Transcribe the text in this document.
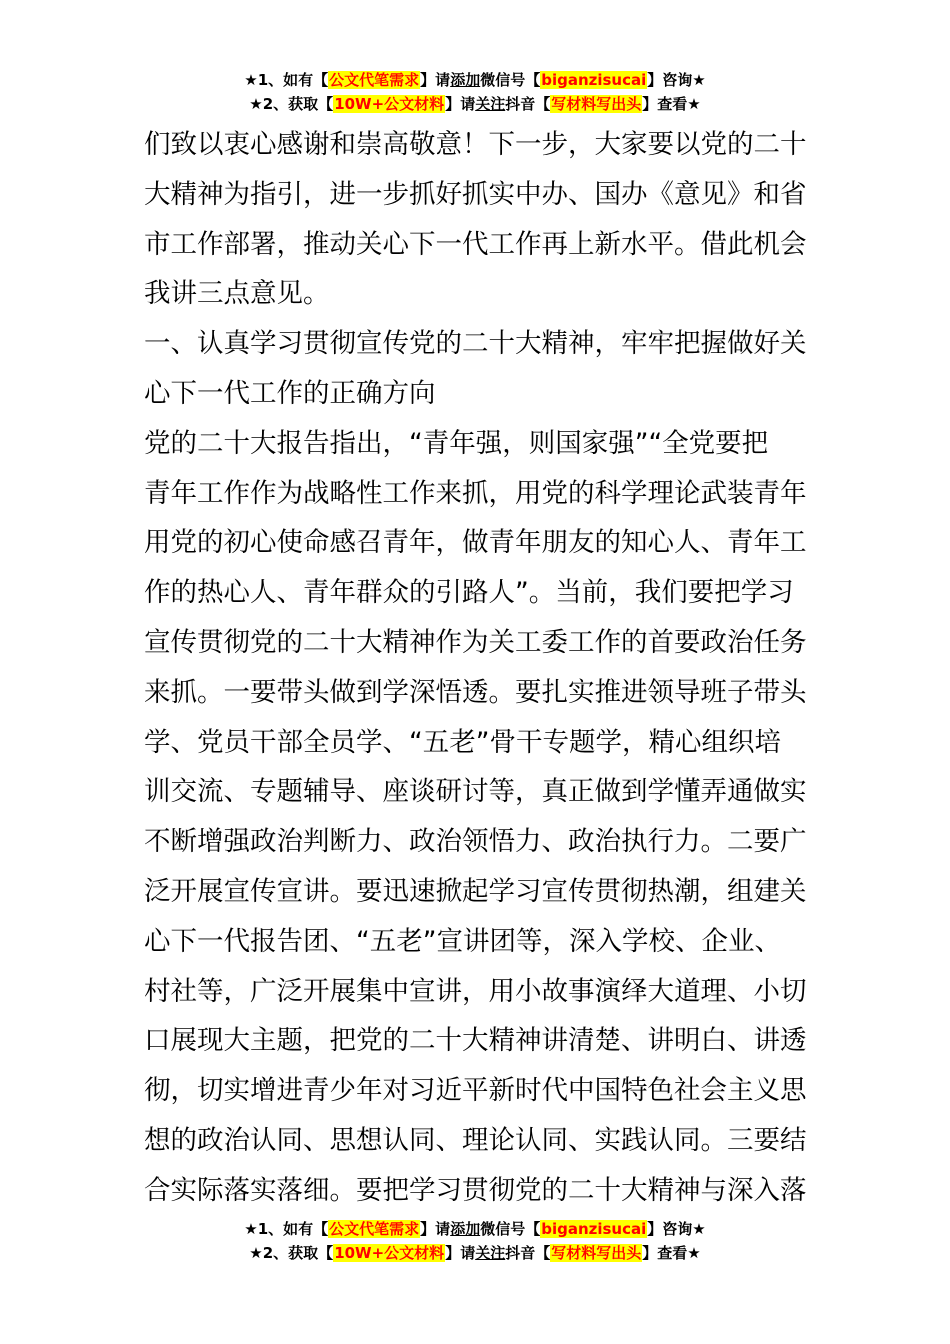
★1、如有【公文代笔需求】请添加微信号【biganzisucai】咨询★
★2、获取【10W+公文材料】请关注抖音【写材料写出头】查看★
们致以衷心感谢和崇高敬意！下一步，大家要以党的二十
大精神为指引，进一步抓好抓实中办、国办《意见》和省
市工作部署，推动关心下一代工作再上新水平。借此机会
我讲三点意见。
一、认真学习贯彻宣传党的二十大精神，牢牢把握做好关
心下一代工作的正确方向
党的二十大报告指出，“青年强，则国家强”“全党要把
青年工作作为战略性工作来抓，用党的科学理论武装青年
用党的初心使命感召青年，做青年朋友的知心人、青年工
作的热心人、青年群众的引路人”。当前，我们要把学习
宣传贯彻党的二十大精神作为关工委工作的首要政治任务
来抓。一要带头做到学深悟透。要扎实推进领导班子带头
学、党员干部全员学、“五老”骨干专题学，精心组织培
训交流、专题辅导、座谈研讨等，真正做到学懂弄通做实
不断增强政治判断力、政治领悟力、政治执行力。二要广
泛开展宣传宣讲。要迅速掀起学习宣传贯彻热潮，组建关
心下一代报告团、“五老”宣讲团等，深入学校、企业、
村社等，广泛开展集中宣讲，用小故事演绎大道理、小切
口展现大主题，把党的二十大精神讲清楚、讲明白、讲透
彻，切实增进青少年对习近平新时代中国特色社会主义思
想的政治认同、思想认同、理论认同、实践认同。三要结
合实际落实落细。要把学习贯彻党的二十大精神与深入落
★1、如有【公文代笔需求】请添加微信号【biganzisucai】咨询★
★2、获取【10W+公文材料】请关注抖音【写材料写出头】查看★
